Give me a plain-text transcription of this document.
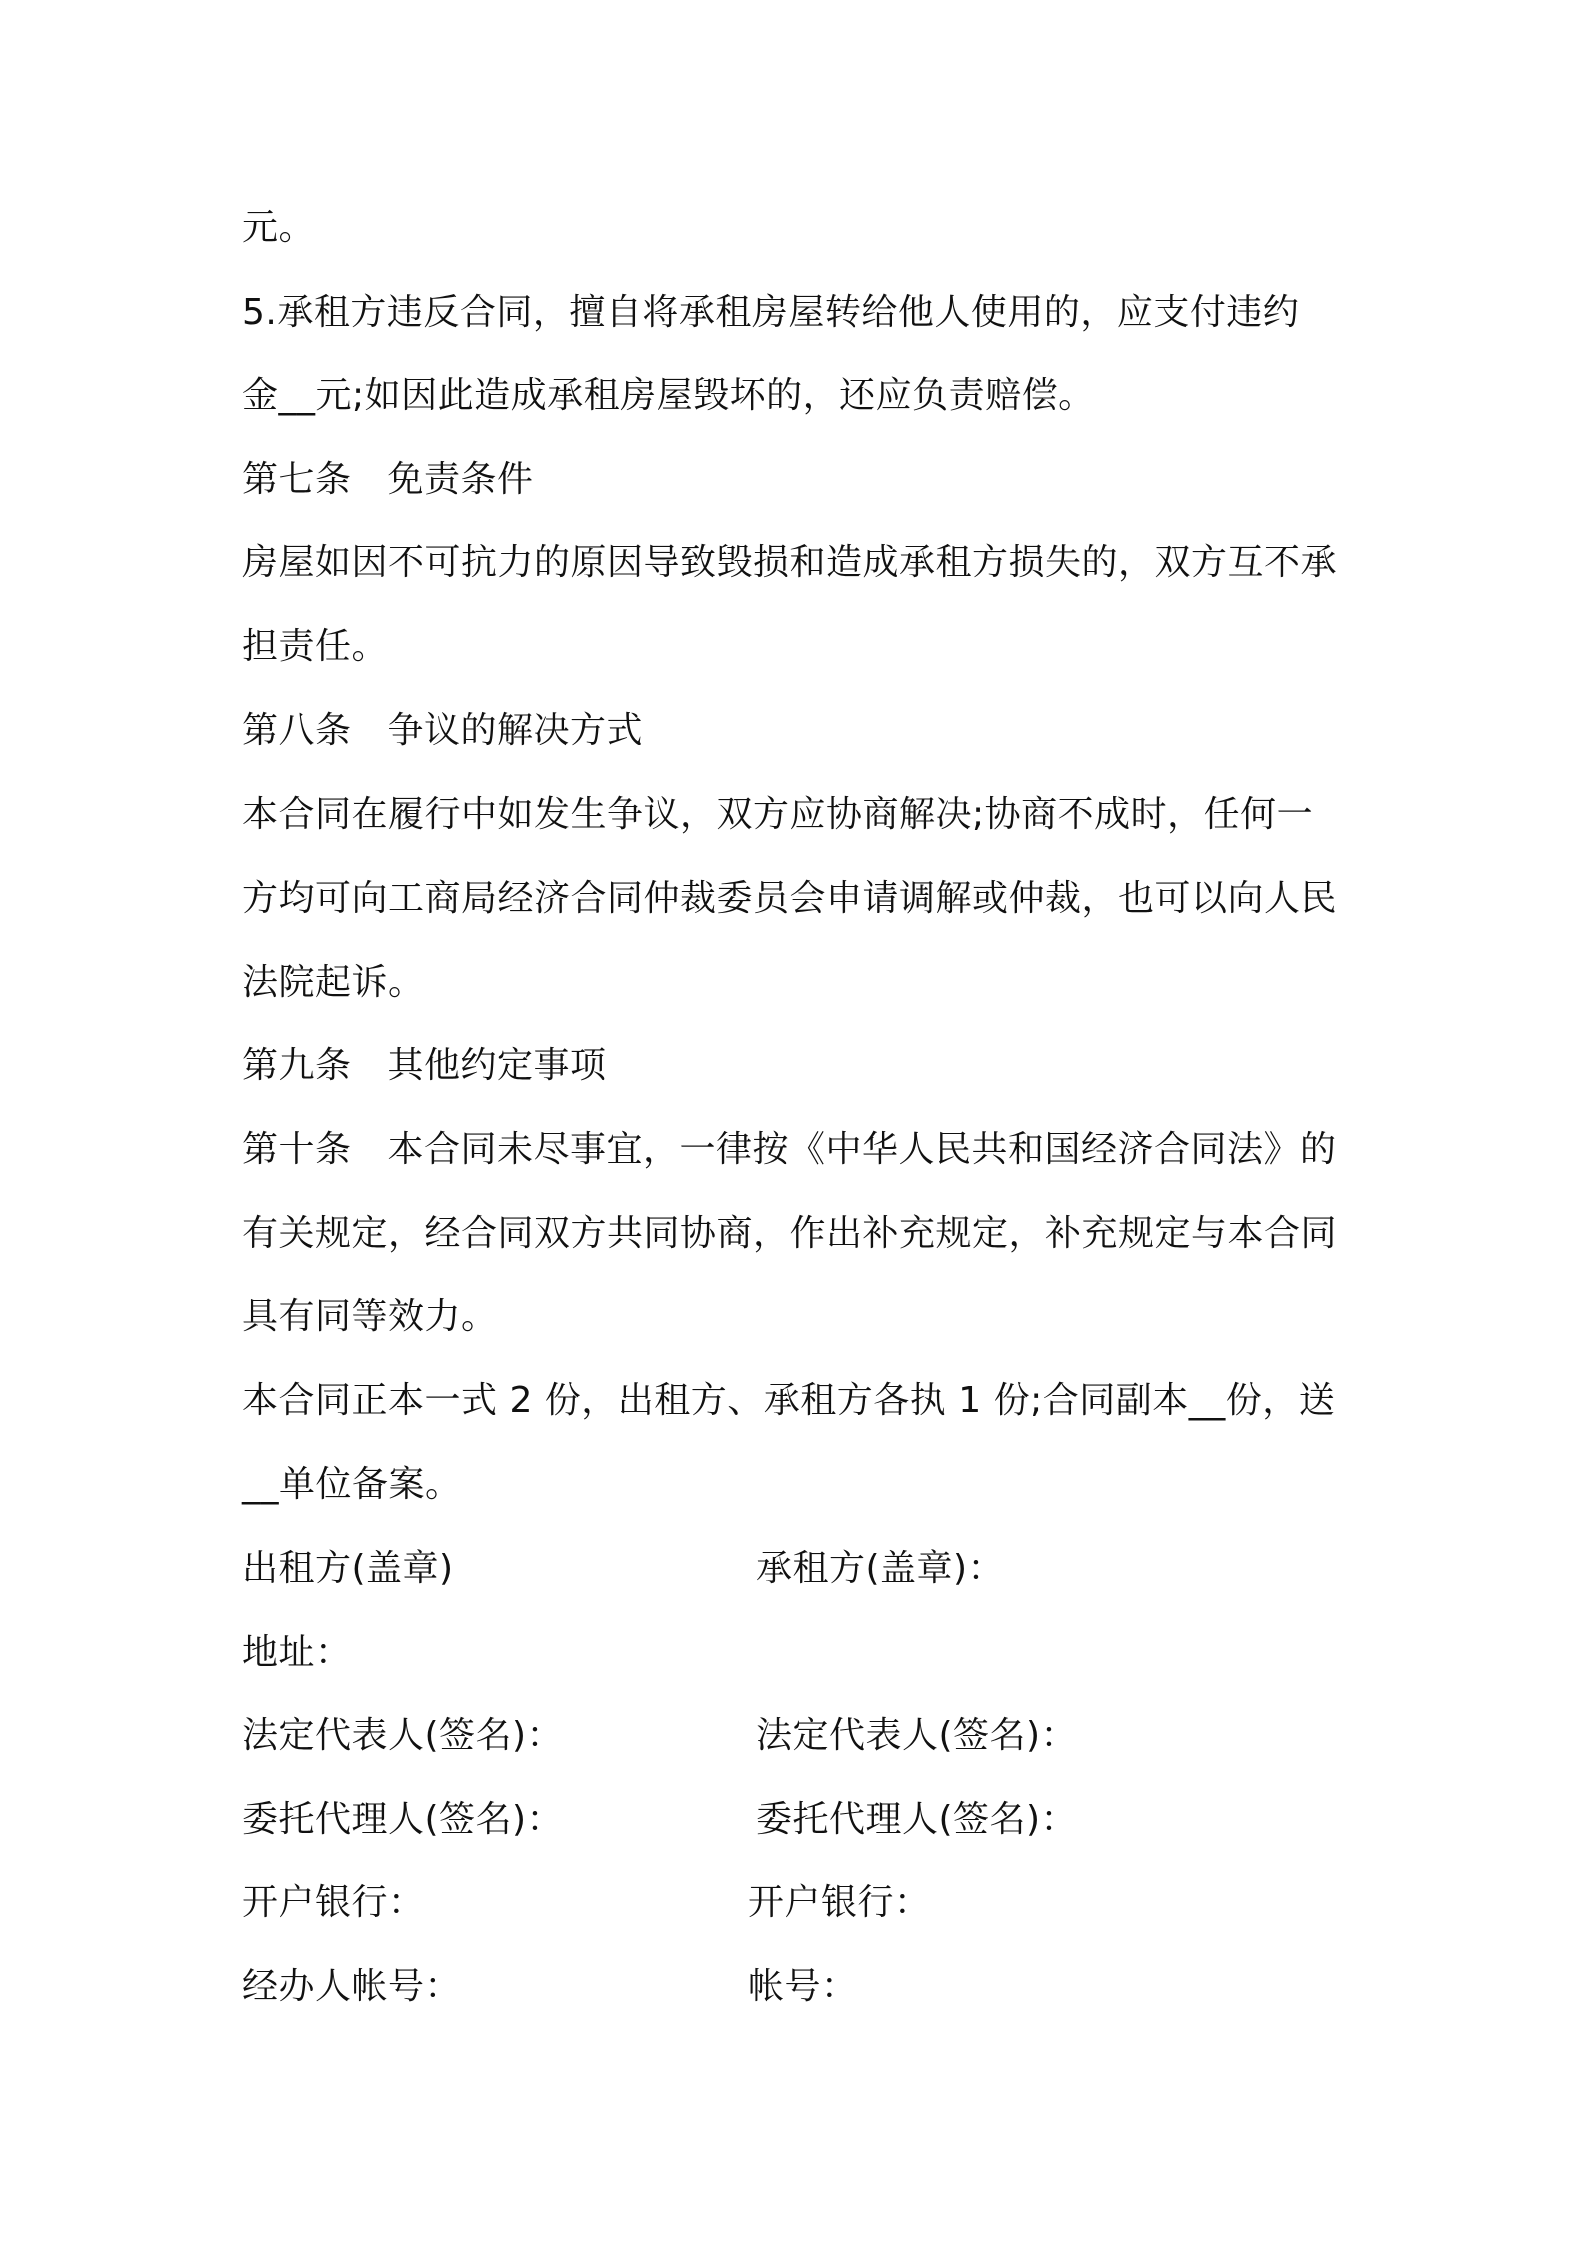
元。
5.承租方违反合同，擅自将承租房屋转给他人使用的，应支付违约
金__元;如因此造成承租房屋毁坏的，还应负责赔偿。
第七条 免责条件
房屋如因不可抗力的原因导致毁损和造成承租方损失的，双方互不承
担责任。
第八条 争议的解决方式
本合同在履行中如发生争议，双方应协商解决;协商不成时，任何一
方均可向工商局经济合同仲裁委员会申请调解或仲裁，也可以向人民
法院起诉。
第九条 其他约定事项
第十条 本合同未尽事宜，一律按《中华人民共和国经济合同法》的
有关规定，经合同双方共同协商，作出补充规定，补充规定与本合同
具有同等效力。
本合同正本一式 2 份，出租方、承租方各执 1 份;合同副本__份，送
__单位备案。
出租方(盖章)	承租方(盖章)：
地址：
法定代表人(签名)：	法定代表人(签名)：
委托代理人(签名)：	委托代理人(签名)：
开户银行：	开户银行：
经办人帐号：	帐号：
